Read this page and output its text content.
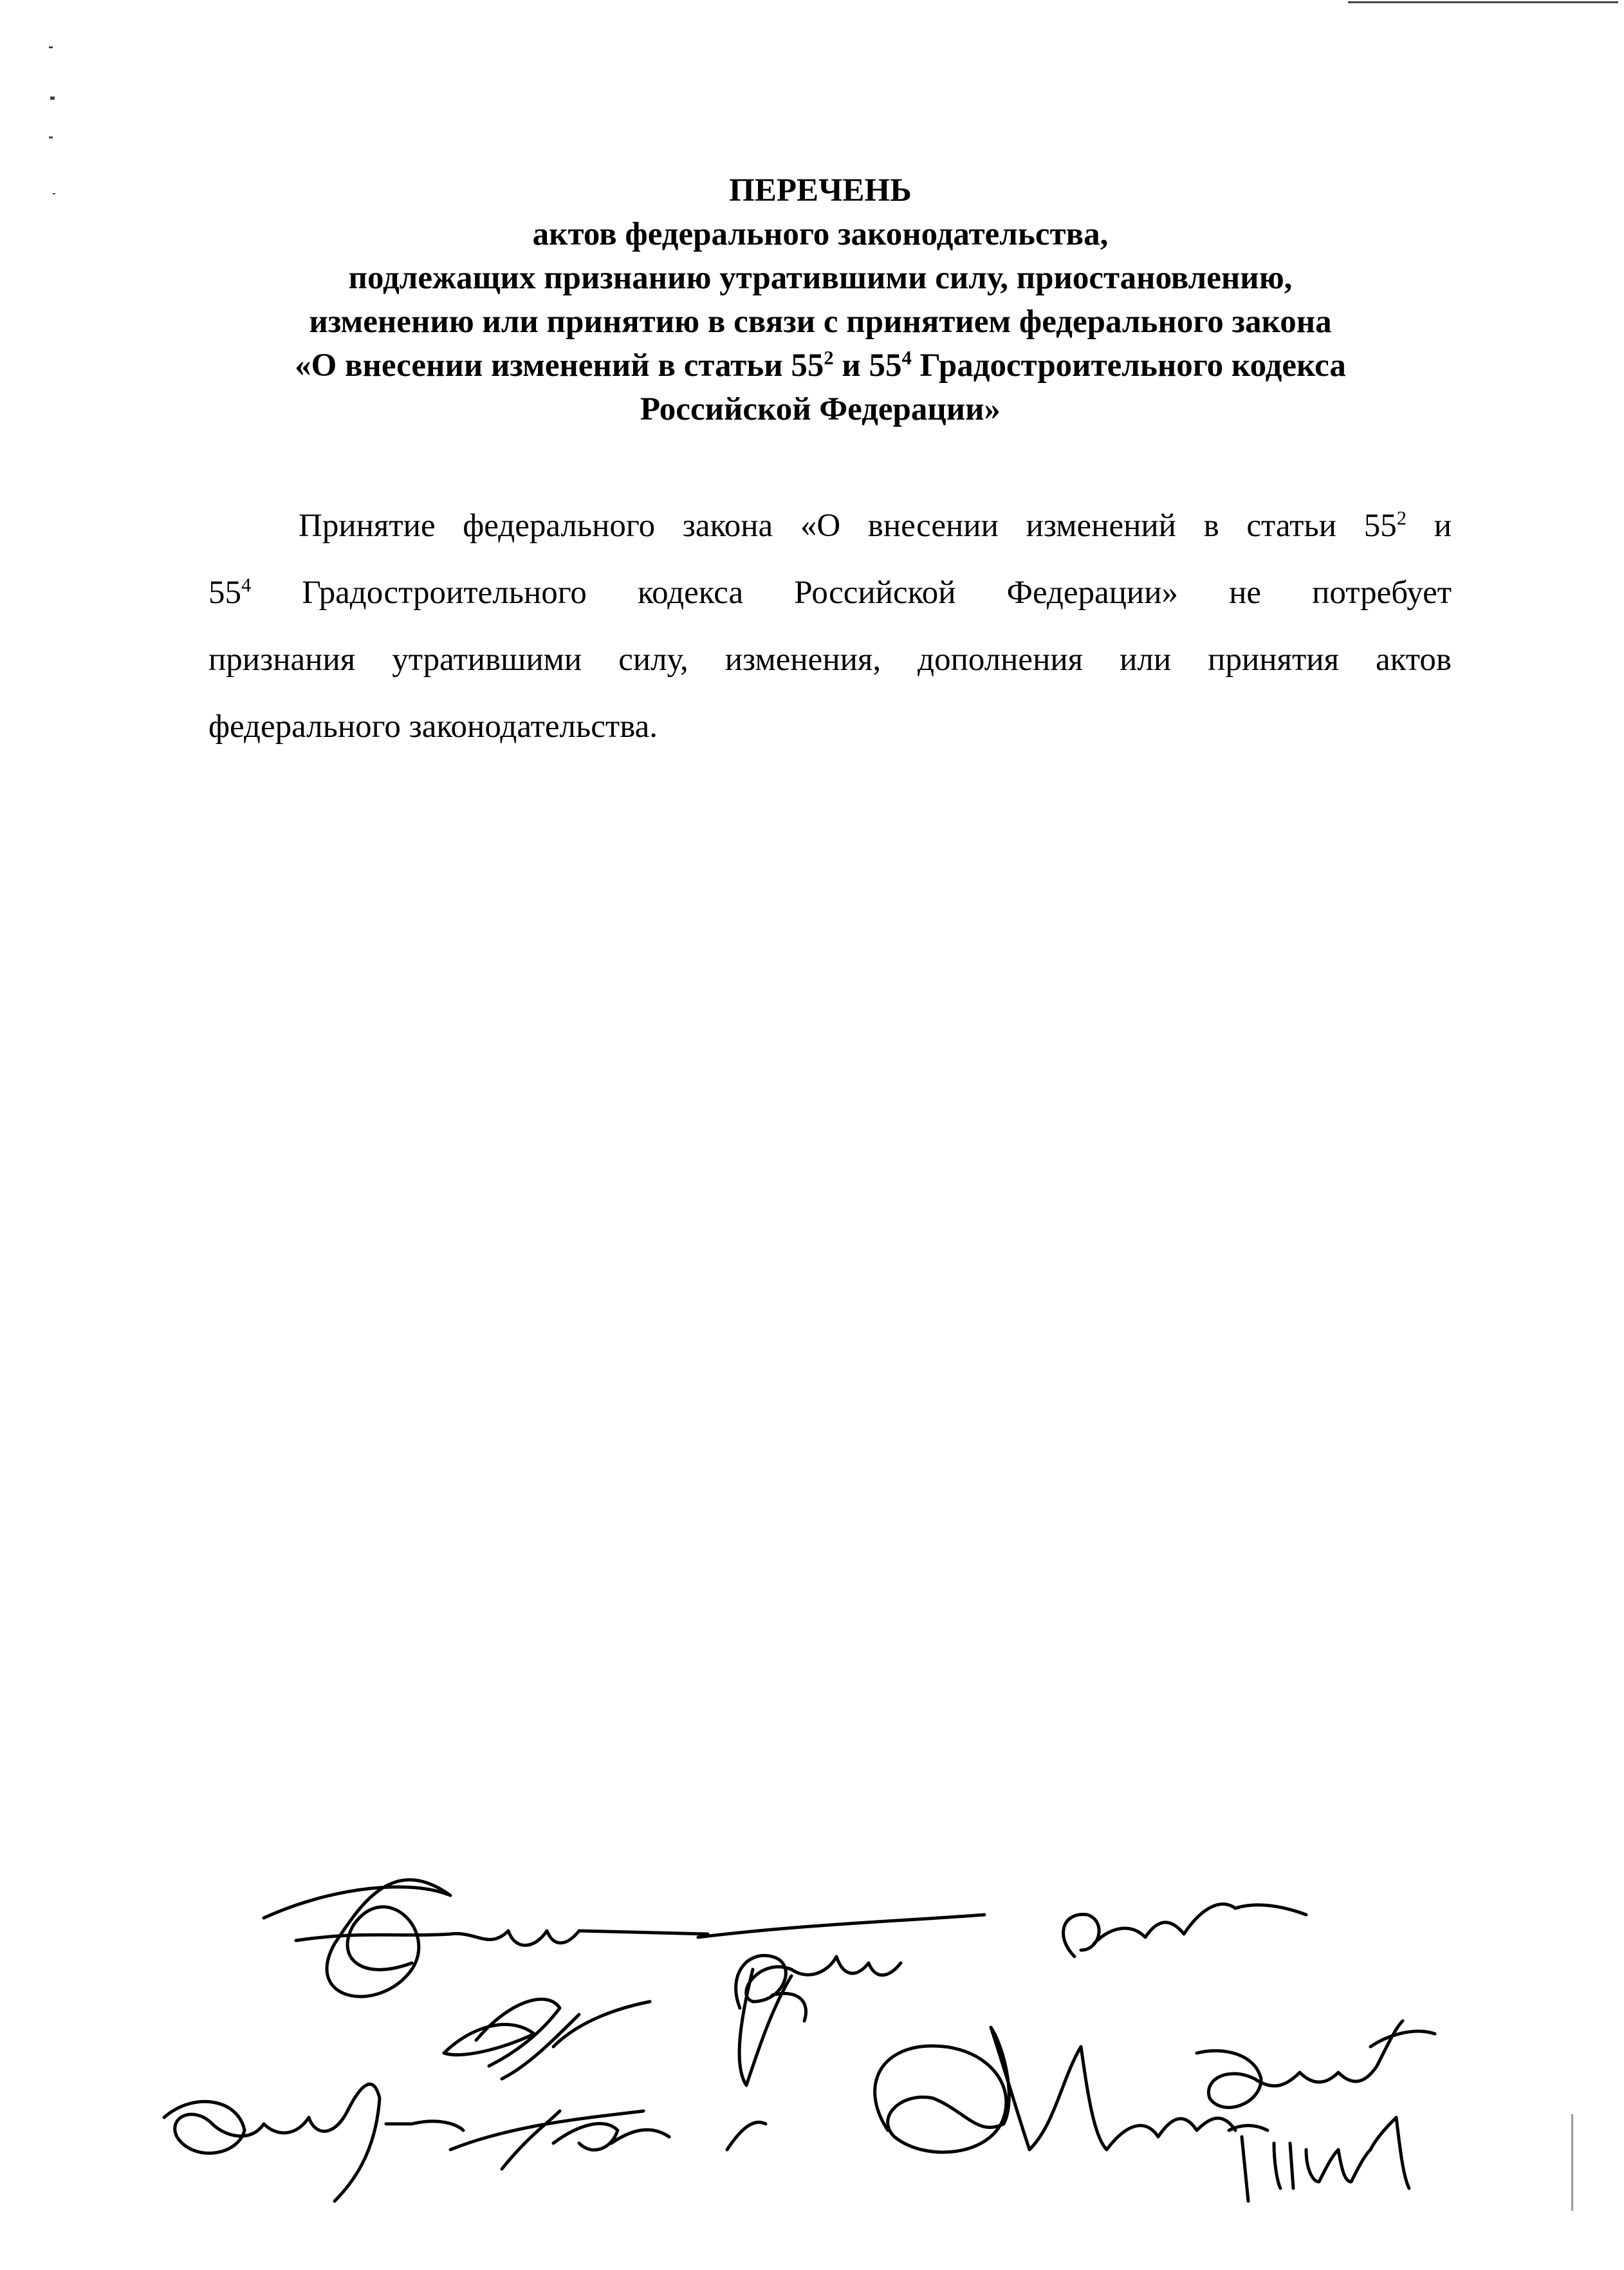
ПЕРЕЧЕНЬ
актов федерального законодательства,
подлежащих признанию утратившими силу, приостановлению,
изменению или принятию в связи с принятием федерального закона
«О внесении изменений в статьи $55^2$ и $55^4$ Градостроительного кодекса
Российской Федерации»
Принятие федерального закона «О внесении изменений в статьи $55^2$ и
$55^4$ Градостроительного кодекса Российской Федерации» не потребует
признания утратившими силу, изменения, дополнения или принятия актов
федерального законодательства.
